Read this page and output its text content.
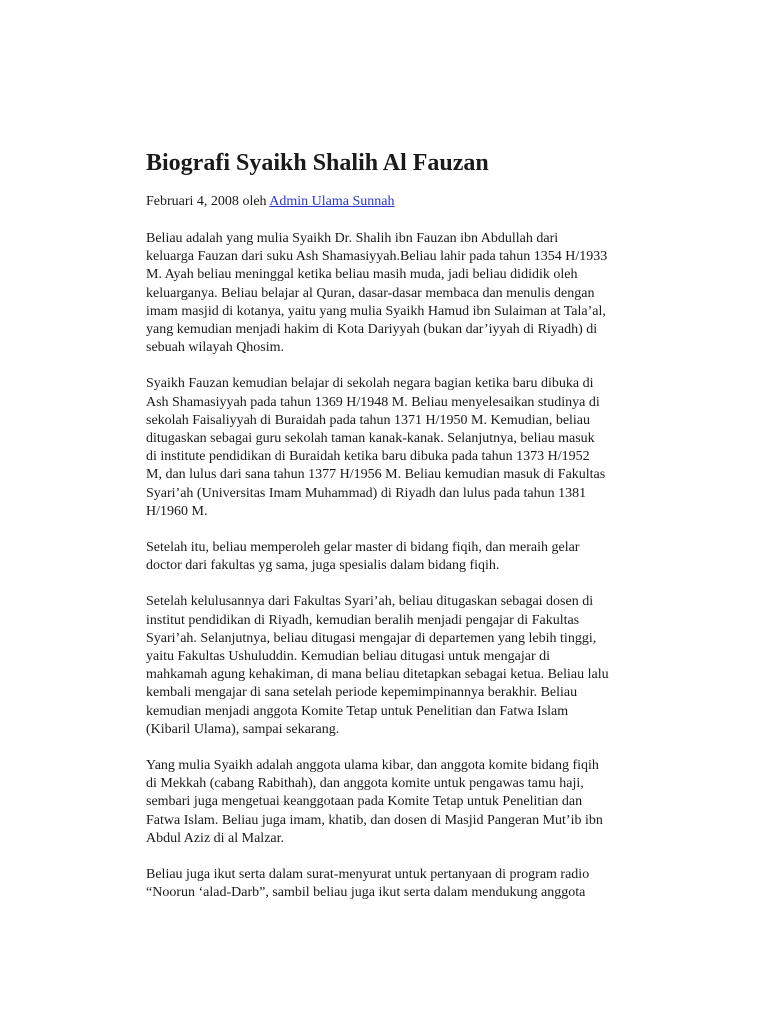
Biografi Syaikh Shalih Al Fauzan

Februari 4, 2008 oleh Admin Ulama Sunnah

Beliau adalah yang mulia Syaikh Dr. Shalih ibn Fauzan ibn Abdullah dari
keluarga Fauzan dari suku Ash Shamasiyyah.Beliau lahir pada tahun 1354 H/1933
M. Ayah beliau meninggal ketika beliau masih muda, jadi beliau dididik oleh
keluarganya. Beliau belajar al Quran, dasar-dasar membaca dan menulis dengan
imam masjid di kotanya, yaitu yang mulia Syaikh Hamud ibn Sulaiman at Tala’al,
yang kemudian menjadi hakim di Kota Dariyyah (bukan dar’iyyah di Riyadh) di
sebuah wilayah Qhosim.

Syaikh Fauzan kemudian belajar di sekolah negara bagian ketika baru dibuka di
Ash Shamasiyyah pada tahun 1369 H/1948 M. Beliau menyelesaikan studinya di
sekolah Faisaliyyah di Buraidah pada tahun 1371 H/1950 M. Kemudian, beliau
ditugaskan sebagai guru sekolah taman kanak-kanak. Selanjutnya, beliau masuk
di institute pendidikan di Buraidah ketika baru dibuka pada tahun 1373 H/1952
M, dan lulus dari sana tahun 1377 H/1956 M. Beliau kemudian masuk di Fakultas
Syari’ah (Universitas Imam Muhammad) di Riyadh dan lulus pada tahun 1381
H/1960 M.

Setelah itu, beliau memperoleh gelar master di bidang fiqih, dan meraih gelar
doctor dari fakultas yg sama, juga spesialis dalam bidang fiqih.

Setelah kelulusannya dari Fakultas Syari’ah, beliau ditugaskan sebagai dosen di
institut pendidikan di Riyadh, kemudian beralih menjadi pengajar di Fakultas
Syari’ah. Selanjutnya, beliau ditugasi mengajar di departemen yang lebih tinggi,
yaitu Fakultas Ushuluddin. Kemudian beliau ditugasi untuk mengajar di
mahkamah agung kehakiman, di mana beliau ditetapkan sebagai ketua. Beliau lalu
kembali mengajar di sana setelah periode kepemimpinannya berakhir. Beliau
kemudian menjadi anggota Komite Tetap untuk Penelitian dan Fatwa Islam
(Kibaril Ulama), sampai sekarang.

Yang mulia Syaikh adalah anggota ulama kibar, dan anggota komite bidang fiqih
di Mekkah (cabang Rabithah), dan anggota komite untuk pengawas tamu haji,
sembari juga mengetuai keanggotaan pada Komite Tetap untuk Penelitian dan
Fatwa Islam. Beliau juga imam, khatib, dan dosen di Masjid Pangeran Mut’ib ibn
Abdul Aziz di al Malzar.

Beliau juga ikut serta dalam surat-menyurat untuk pertanyaan di program radio
“Noorun ‘alad-Darb”, sambil beliau juga ikut serta dalam mendukung anggota
